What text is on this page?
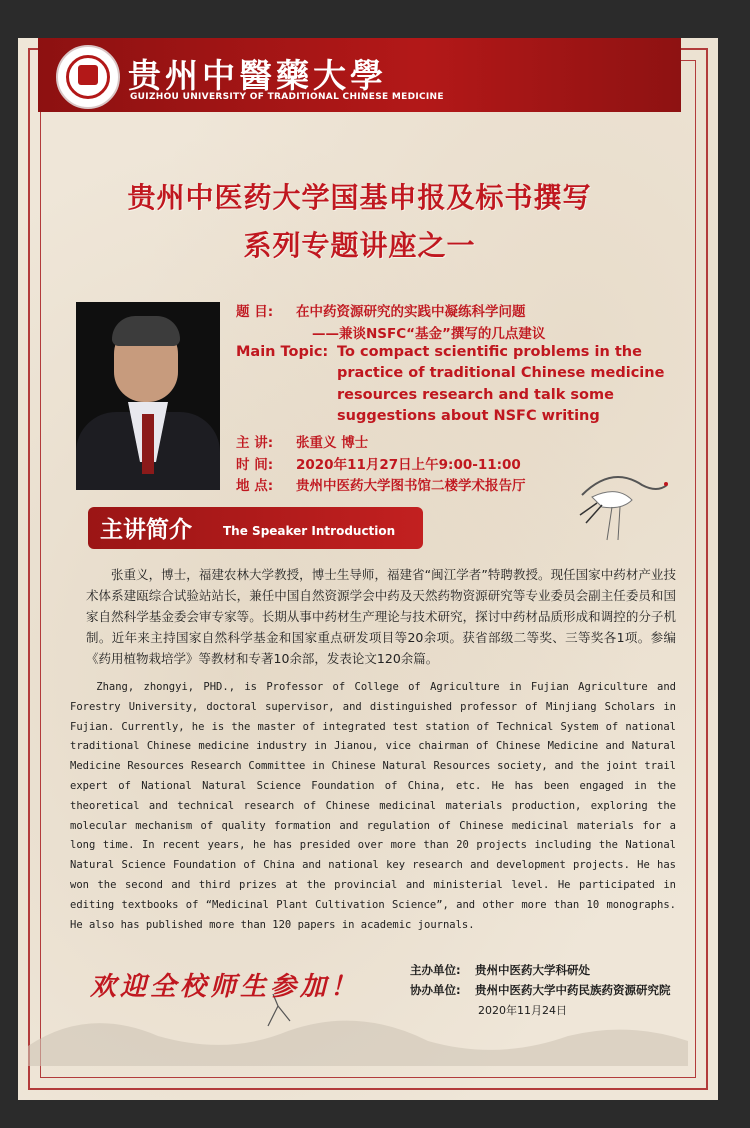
贵州中醫藥大學
GUIZHOU UNIVERSITY OF TRADITIONAL CHINESE MEDICINE
贵州中医药大学国基申报及标书撰写
系列专题讲座之一
题 目: 在中药资源研究的实践中凝练科学问题
——兼谈NSFC“基金”撰写的几点建议
Main Topic: To compact scientific problems in the
practice of traditional Chinese medicine
resources research and talk some
suggestions about NSFC writing
主 讲: 张重义 博士
时 间: 2020年11月27日上午9:00-11:00
地 点: 贵州中医药大学图书馆二楼学术报告厅
主讲简介	The Speaker Introduction
张重义，博士，福建农林大学教授，博士生导师，福建省“闽江学者”特聘教授。现任国家中药材产业技术体系建瓯综合试验站站长，兼任中国自然资源学会中药及天然药物资源研究等专业委员会副主任委员和国家自然科学基金委会审专家等。长期从事中药材生产理论与技术研究，探讨中药材品质形成和调控的分子机制。近年来主持国家自然科学基金和国家重点研发项目等20余项。获省部级二等奖、三等奖各1项。参编《药用植物栽培学》等教材和专著10余部，发表论文120余篇。
Zhang, zhongyi, PHD., is Professor of College of Agriculture in Fujian Agriculture and Forestry University, doctoral supervisor, and distinguished professor of Minjiang Scholars in Fujian. Currently, he is the master of integrated test station of Technical System of national traditional Chinese medicine industry in Jianou, vice chairman of Chinese Medicine and Natural Medicine Resources Research Committee in Chinese Natural Resources society, and the joint trail expert of National Natural Science Foundation of China, etc. He has been engaged in the theoretical and technical research of Chinese medicinal materials production, exploring the molecular mechanism of quality formation and regulation of Chinese medicinal materials for a long time. In recent years, he has presided over more than 20 projects including the National Natural Science Foundation of China and national key research and development projects. He has won the second and third prizes at the provincial and ministerial level. He participated in editing textbooks of “Medicinal Plant Cultivation Science”, and other more than 10 monographs. He also has published more than 120 papers in academic journals.
欢迎全校师生参加！
主办单位: 贵州中医药大学科研处
协办单位: 贵州中医药大学中药民族药资源研究院
2020年11月24日
